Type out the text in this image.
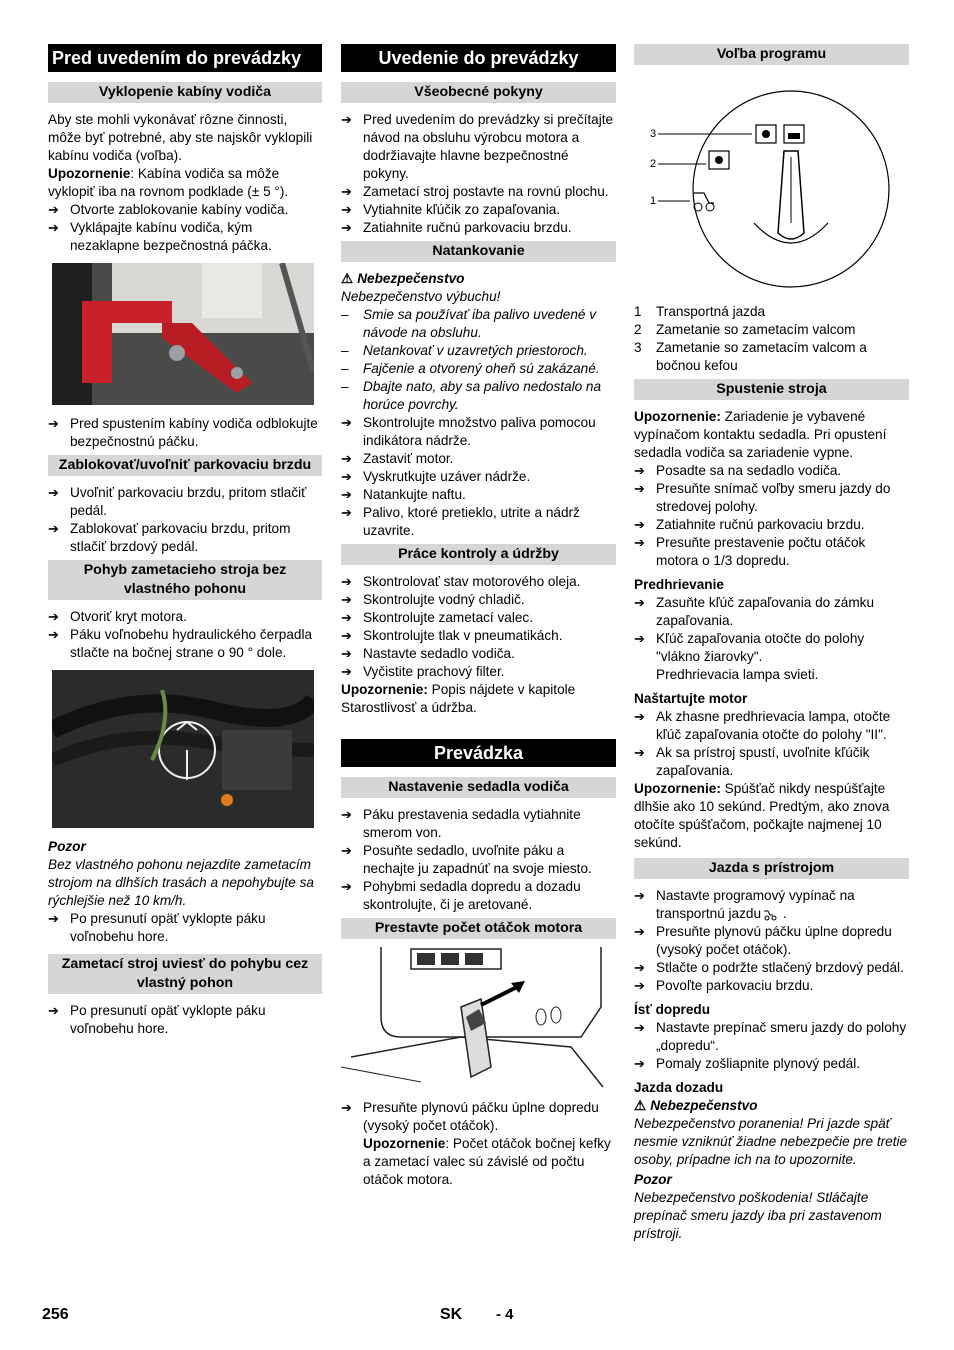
Pred uvedením do prevádzky
Vyklopenie kabíny vodiča
Aby ste mohli vykonávať rôzne činnosti, môže byť potrebné, aby ste najskôr vyklopili kabínu vodiča (voľba).
Upozornenie: Kabína vodiča sa môže vyklopiť iba na rovnom podklade (± 5 °).
➔ Otvorte zablokovanie kabíny vodiča.
➔ Vyklápajte kabínu vodiča, kým nezaklapne bezpečnostná páčka.
➔ Pred spustením kabíny vodiča odblokujte bezpečnostnú páčku.
Zablokovať/uvoľniť parkovaciu brzdu
➔ Uvoľniť parkovaciu brzdu, pritom stlačiť pedál.
➔ Zablokovať parkovaciu brzdu, pritom stlačiť brzdový pedál.
Pohyb zametacieho stroja bez vlastného pohonu
➔ Otvoriť kryt motora.
➔ Páku voľnobehu hydraulického čerpadla stlačte na bočnej strane o 90 ° dole.
Pozor
Bez vlastného pohonu nejazdite zametacím strojom na dlhších trasách a nepohybujte sa rýchlejšie než 10 km/h.
➔ Po presunutí opäť vyklopte páku voľnobehu hore.
Zametací stroj uviesť do pohybu cez vlastný pohon
➔ Po presunutí opäť vyklopte páku voľnobehu hore.
Uvedenie do prevádzky
Všeobecné pokyny
➔ Pred uvedením do prevádzky si prečítajte návod na obsluhu výrobcu motora a dodržiavajte hlavne bezpečnostné pokyny.
➔ Zametací stroj postavte na rovnú plochu.
➔ Vytiahnite kľúčik zo zapaľovania.
➔ Zatiahnite ručnú parkovaciu brzdu.
Natankovanie
⚠ Nebezpečenstvo
Nebezpečenstvo výbuchu!
– Smie sa používať iba palivo uvedené v návode na obsluhu.
– Netankovať v uzavretých priestoroch.
– Fajčenie a otvorený oheň sú zakázané.
– Dbajte nato, aby sa palivo nedostalo na horúce povrchy.
➔ Skontrolujte množstvo paliva pomocou indikátora nádrže.
➔ Zastaviť motor.
➔ Vyskrutkujte uzáver nádrže.
➔ Natankujte naftu.
➔ Palivo, ktoré pretieklo, utrite a nádrž uzavrite.
Práce kontroly a údržby
➔ Skontrolovať stav motorového oleja.
➔ Skontrolujte vodný chladič.
➔ Skontrolujte zametací valec.
➔ Skontrolujte tlak v pneumatikách.
➔ Nastavte sedadlo vodiča.
➔ Vyčistite prachový filter.
Upozornenie: Popis nájdete v kapitole Starostlivosť a údržba.
Prevádzka
Nastavenie sedadla vodiča
➔ Páku prestavenia sedadla vytiahnite smerom von.
➔ Posuňte sedadlo, uvoľnite páku a nechajte ju zapadnúť na svoje miesto.
➔ Pohybmi sedadla dopredu a dozadu skontrolujte, či je aretované.
Prestavte počet otáčok motora
➔ Presuňte plynovú páčku úplne dopredu (vysoký počet otáčok).
Upozornenie: Počet otáčok bočnej kefky a zametací valec sú závislé od počtu otáčok motora.
Voľba programu
3
2
1
1 Transportná jazda
2 Zametanie so zametacím valcom
3 Zametanie so zametacím valcom a bočnou kefou
Spustenie stroja
Upozornenie: Zariadenie je vybavené vypínačom kontaktu sedadla. Pri opustení sedadla vodiča sa zariadenie vypne.
➔ Posadte sa na sedadlo vodiča.
➔ Presuňte snímač voľby smeru jazdy do stredovej polohy.
➔ Zatiahnite ručnú parkovaciu brzdu.
➔ Presuňte prestavenie počtu otáčok motora o 1/3 dopredu.
Predhrievanie
➔ Zasuňte kľúč zapaľovania do zámku zapaľovania.
➔ Kľúč zapaľovania otočte do polohy "vlákno žiarovky".
Predhrievacia lampa svieti.
Naštartujte motor
➔ Ak zhasne predhrievacia lampa, otočte kľúč zapaľovania otočte do polohy "II".
➔ Ak sa prístroj spustí, uvoľnite kľúčik zapaľovania.
Upozornenie: Spúšťač nikdy nespúšťajte dlhšie ako 10 sekúnd. Predtým, ako znova otočíte spúšťačom, počkajte najmenej 10 sekúnd.
Jazda s prístrojom
➔ Nastavte programový vypínač na transportnú jazdu .
➔ Presuňte plynovú páčku úplne dopredu (vysoký počet otáčok).
➔ Stlačte o podržte stlačený brzdový pedál.
➔ Povoľte parkovaciu brzdu.
Ísť dopredu
➔ Nastavte prepínač smeru jazdy do polohy „dopredu“.
➔ Pomaly zošliapnite plynový pedál.
Jazda dozadu
⚠ Nebezpečenstvo
Nebezpečenstvo poranenia! Pri jazde späť nesmie vzniknúť žiadne nebezpečie pre tretie osoby, prípadne ich na to upozornite.
Pozor
Nebezpečenstvo poškodenia! Stláčajte prepínač smeru jazdy iba pri zastavenom prístroji.
256	SK - 4
